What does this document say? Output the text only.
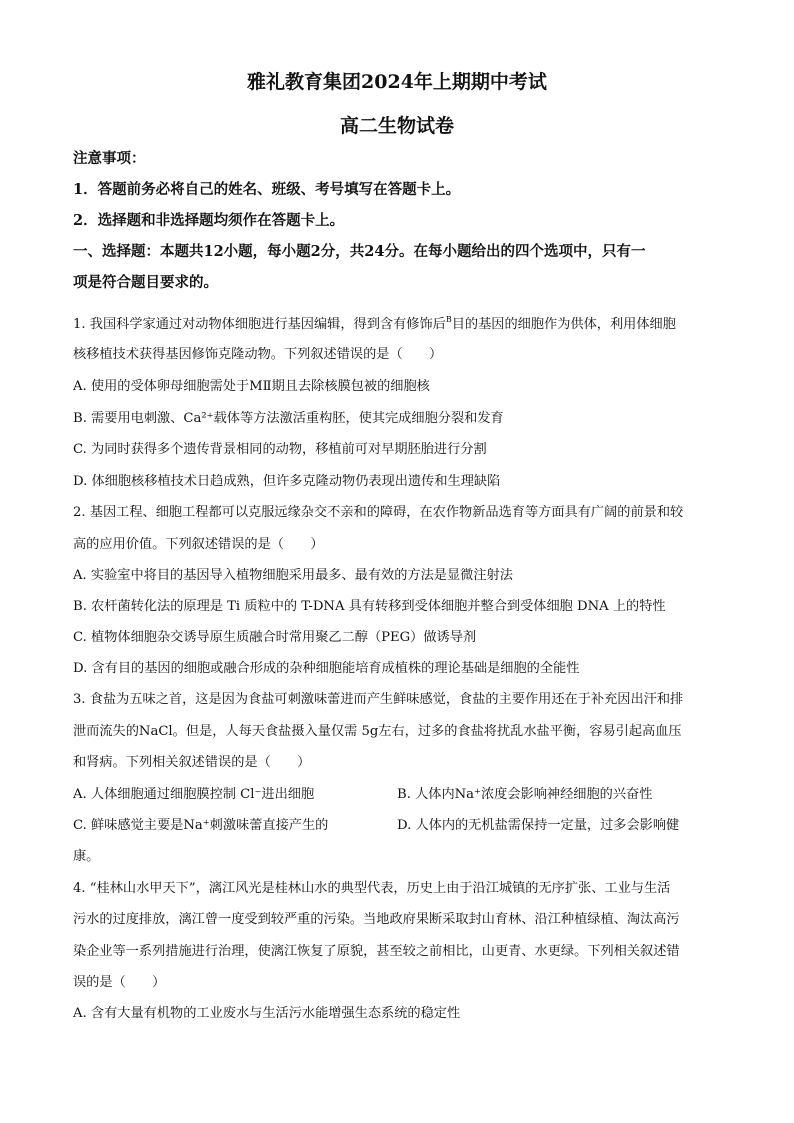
雅礼教育集团2024年上期期中考试
高二生物试卷
注意事项：
1．答题前务必将自己的姓名、班级、考号填写在答题卡上。
2．选择题和非选择题均须作在答题卡上。
一、选择题：本题共12小题，每小题2分，共24分。在每小题给出的四个选项中，只有一
项是符合题目要求的。
1. 我国科学家通过对动物体细胞进行基因编辑，得到含有修饰后$^B$目的基因的细胞作为供体，利用体细胞
核移植技术获得基因修饰克隆动物。下列叙述错误的是（　　）
A. 使用的受体卵母细胞需处于MⅡ期且去除核膜包被的细胞核
B. 需要用电刺激、Ca²⁺载体等方法激活重构胚，使其完成细胞分裂和发育
C. 为同时获得多个遗传背景相同的动物，移植前可对早期胚胎进行分割
D. 体细胞核移植技术日趋成熟，但许多克隆动物仍表现出遗传和生理缺陷
2. 基因工程、细胞工程都可以克服远缘杂交不亲和的障碍，在农作物新品选育等方面具有广阔的前景和较
高的应用价值。下列叙述错误的是（　　）
A. 实验室中将目的基因导入植物细胞采用最多、最有效的方法是显微注射法
B. 农杆菌转化法的原理是 Ti 质粒中的 T-DNA 具有转移到受体细胞并整合到受体细胞 DNA 上的特性
C. 植物体细胞杂交诱导原生质融合时常用聚乙二醇（PEG）做诱导剂
D. 含有目的基因的细胞或融合形成的杂种细胞能培育成植株的理论基础是细胞的全能性
3. 食盐为五味之首，这是因为食盐可刺激味蕾进而产生鲜味感觉，食盐的主要作用还在于补充因出汗和排
泄而流失的NaCl。但是，人每天食盐摄入量仅需 5g左右，过多的食盐将扰乱水盐平衡，容易引起高血压
和肾病。下列相关叙述错误的是（　　）
A. 人体细胞通过细胞膜控制 Cl⁻进出细胞	B. 人体内Na⁺浓度会影响神经细胞的兴奋性
C. 鲜味感觉主要是Na⁺刺激味蕾直接产生的	D. 人体内的无机盐需保持一定量，过多会影响健
康。
4. “桂林山水甲天下”，漓江风光是桂林山水的典型代表，历史上由于沿江城镇的无序扩张、工业与生活
污水的过度排放，漓江曾一度受到较严重的污染。当地政府果断采取封山育林、沿江种植绿植、淘汰高污
染企业等一系列措施进行治理，使漓江恢复了原貌，甚至较之前相比，山更青、水更绿。下列相关叙述错
误的是（　　）
A. 含有大量有机物的工业废水与生活污水能增强生态系统的稳定性
